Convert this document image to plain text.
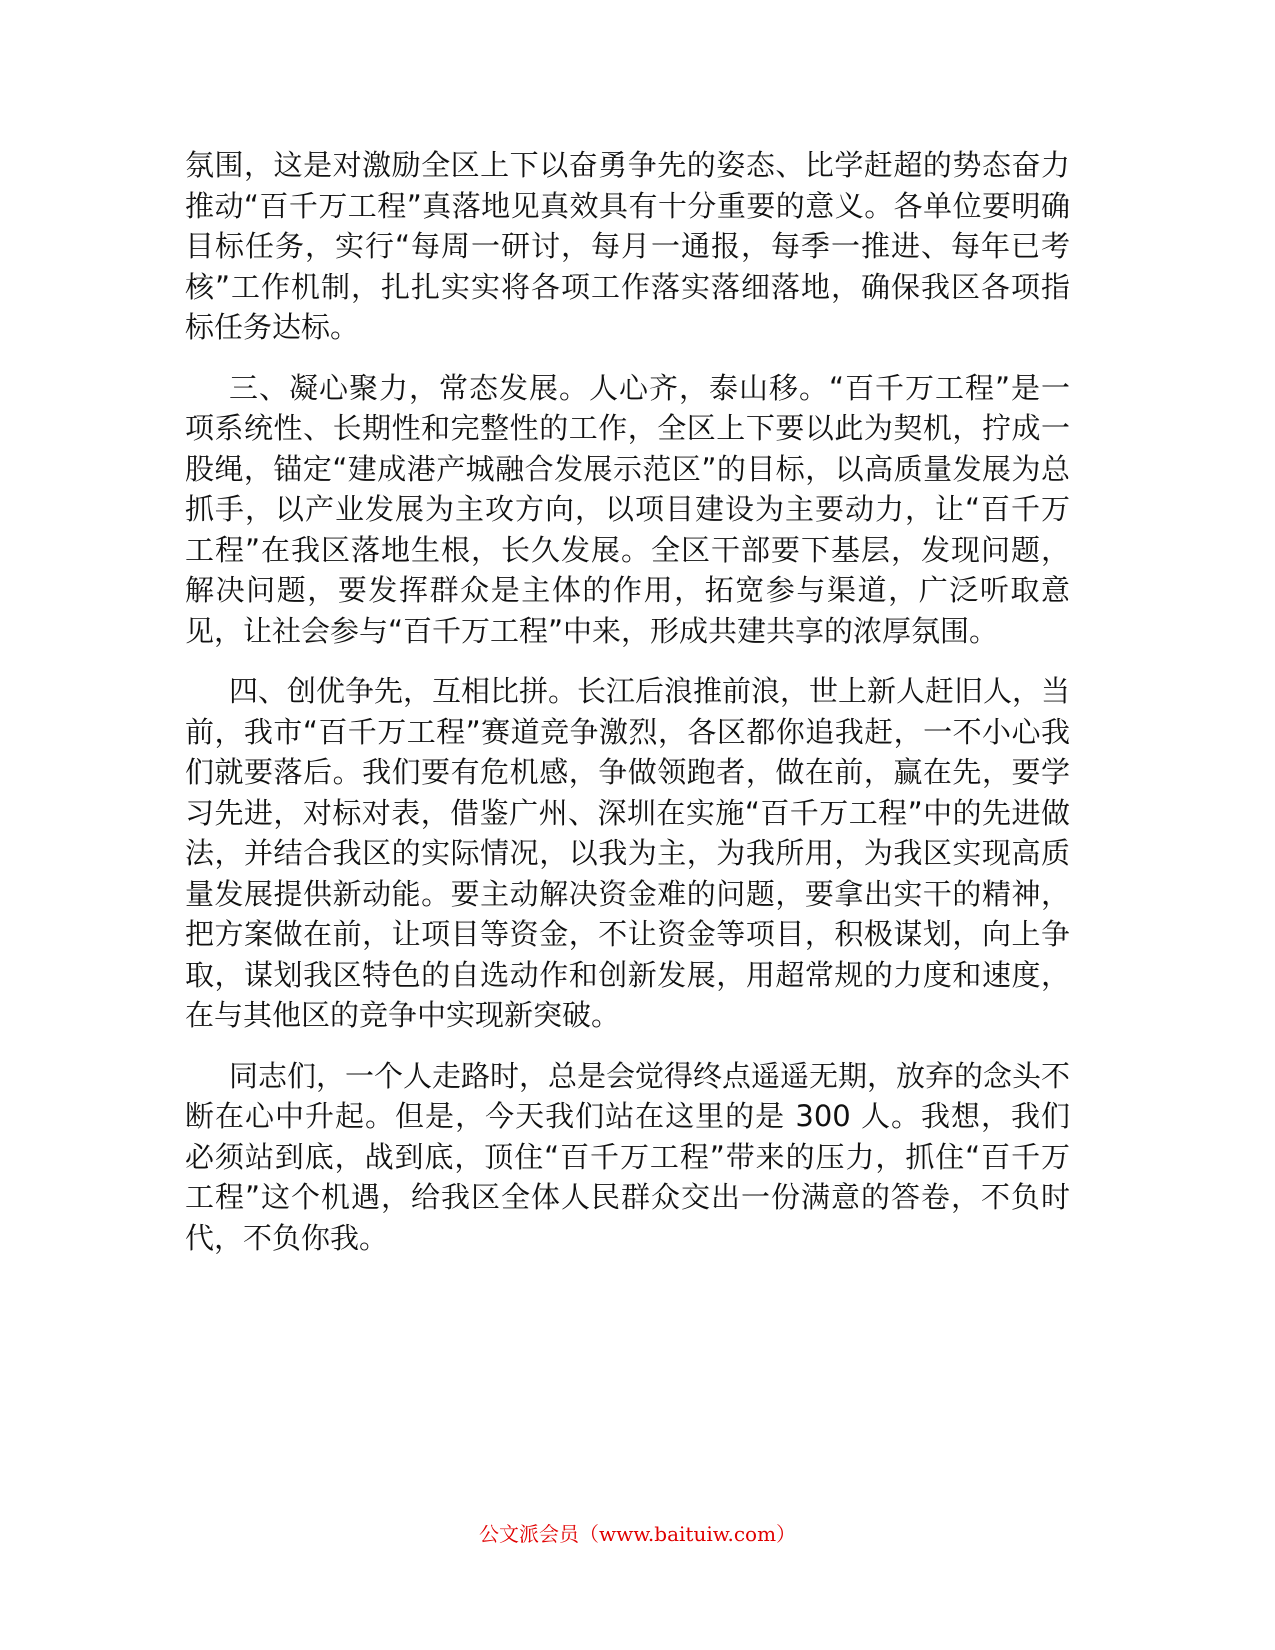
氛围，这是对激励全区上下以奋勇争先的姿态、比学赶超的势态奋力推动“百千万工程”真落地见真效具有十分重要的意义。各单位要明确目标任务，实行“每周一研讨，每月一通报，每季一推进、每年已考核”工作机制，扎扎实实将各项工作落实落细落地，确保我区各项指标任务达标。

三、凝心聚力，常态发展。人心齐，泰山移。“百千万工程”是一项系统性、长期性和完整性的工作，全区上下要以此为契机，拧成一股绳，锚定“建成港产城融合发展示范区”的目标，以高质量发展为总抓手，以产业发展为主攻方向，以项目建设为主要动力，让“百千万工程”在我区落地生根，长久发展。全区干部要下基层，发现问题，解决问题，要发挥群众是主体的作用，拓宽参与渠道，广泛听取意见，让社会参与“百千万工程”中来，形成共建共享的浓厚氛围。

四、创优争先，互相比拼。长江后浪推前浪，世上新人赶旧人，当前，我市“百千万工程”赛道竞争激烈，各区都你追我赶，一不小心我们就要落后。我们要有危机感，争做领跑者，做在前，赢在先，要学习先进，对标对表，借鉴广州、深圳在实施“百千万工程”中的先进做法，并结合我区的实际情况，以我为主，为我所用，为我区实现高质量发展提供新动能。要主动解决资金难的问题，要拿出实干的精神，把方案做在前，让项目等资金，不让资金等项目，积极谋划，向上争取，谋划我区特色的自选动作和创新发展，用超常规的力度和速度，在与其他区的竞争中实现新突破。

同志们，一个人走路时，总是会觉得终点遥遥无期，放弃的念头不断在心中升起。但是，今天我们站在这里的是 300 人。我想，我们必须站到底，战到底，顶住“百千万工程”带来的压力，抓住“百千万工程”这个机遇，给我区全体人民群众交出一份满意的答卷，不负时代，不负你我。

公文派会员（www.baituiw.com）
